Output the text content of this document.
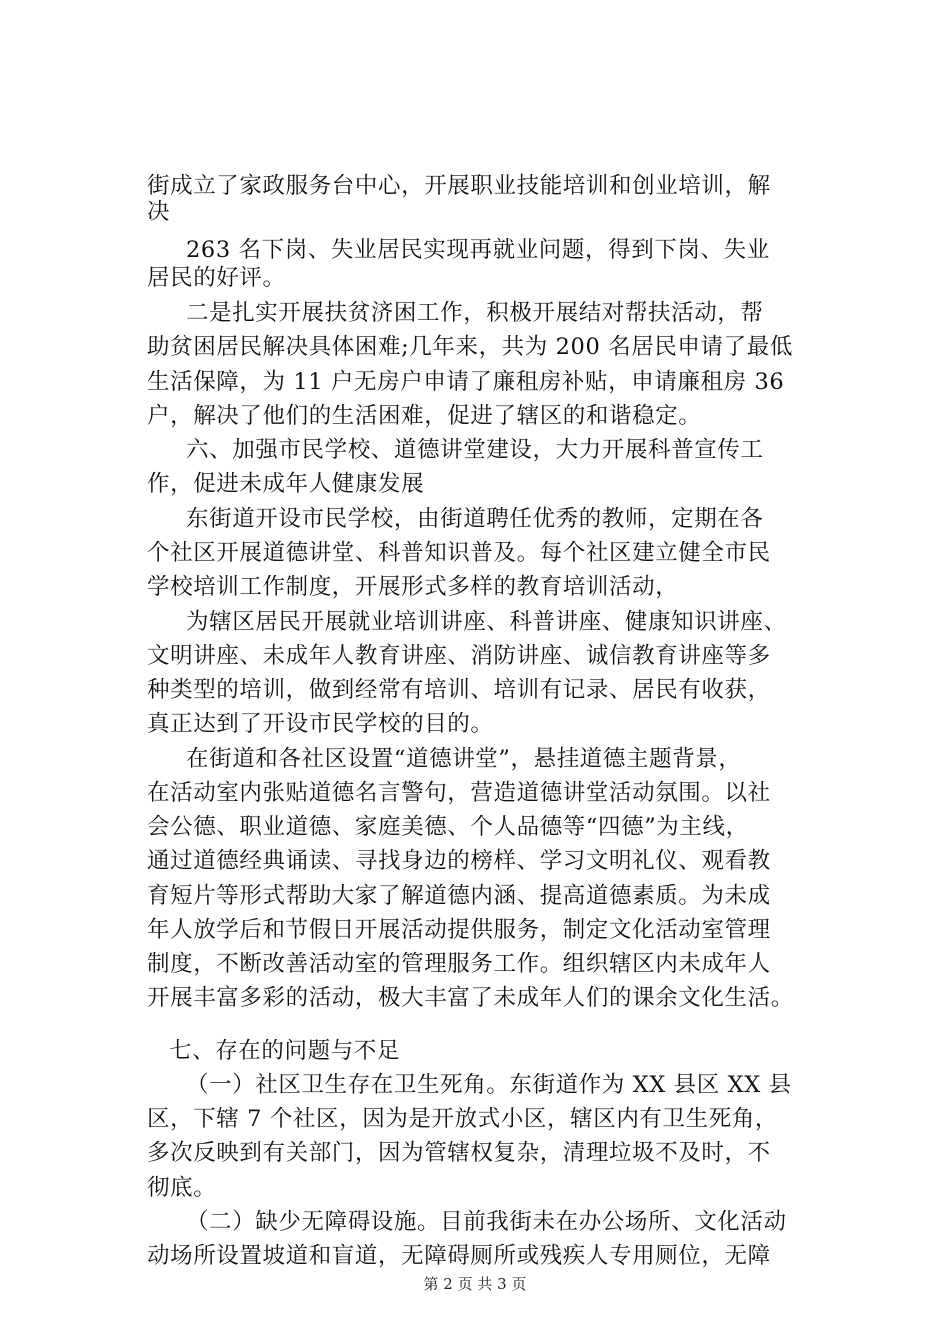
街成立了家政服务台中心，开展职业技能培训和创业培训，解
决
263 名下岗、失业居民实现再就业问题，得到下岗、失业
居民的好评。
二是扎实开展扶贫济困工作，积极开展结对帮扶活动，帮
助贫困居民解决具体困难;几年来，共为 200 名居民申请了最低
生活保障，为 11 户无房户申请了廉租房补贴，申请廉租房 36
户，解决了他们的生活困难，促进了辖区的和谐稳定。
六、加强市民学校、道德讲堂建设，大力开展科普宣传工
作，促进未成年人健康发展
东街道开设市民学校，由街道聘任优秀的教师，定期在各
个社区开展道德讲堂、科普知识普及。每个社区建立健全市民
学校培训工作制度，开展形式多样的教育培训活动，
为辖区居民开展就业培训讲座、科普讲座、健康知识讲座、
文明讲座、未成年人教育讲座、消防讲座、诚信教育讲座等多
种类型的培训，做到经常有培训、培训有记录、居民有收获，
真正达到了开设市民学校的目的。
在街道和各社区设置“道德讲堂”，悬挂道德主题背景，
在活动室内张贴道德名言警句，营造道德讲堂活动氛围。以社
会公德、职业道德、家庭美德、个人品德等“四德”为主线，
通过道德经典诵读、寻找身边的榜样、学习文明礼仪、观看教
育短片等形式帮助大家了解道德内涵、提高道德素质。为未成
年人放学后和节假日开展活动提供服务，制定文化活动室管理
制度，不断改善活动室的管理服务工作。组织辖区内未成年人
开展丰富多彩的活动，极大丰富了未成年人们的课余文化生活。
七、存在的问题与不足
（一）社区卫生存在卫生死角。东街道作为 XX 县区 XX 县
区，下辖 7 个社区，因为是开放式小区，辖区内有卫生死角，
多次反映到有关部门，因为管辖权复杂，清理垃圾不及时，不
彻底。
（二）缺少无障碍设施。目前我街未在办公场所、文化活动
动场所设置坡道和盲道，无障碍厕所或残疾人专用厕位，无障
第 2 页 共 3 页
